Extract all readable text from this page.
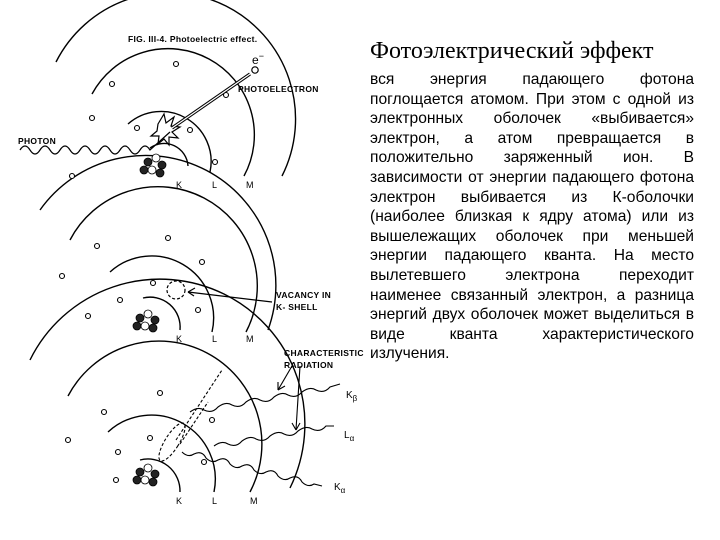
FIG. III-4. Photoelectric effect.
e−
PHOTOELECTRON
PHOTON
K	L	M
VACANCY IN
K- SHELL
K	L	M
CHARACTERISTIC
RADIATION
$K_\beta$
$L_\alpha$
$K_\alpha$
K	L	M
Фотоэлектрический эффект

вся энергия падающего фотона поглощается атомом. При этом с одной из электронных оболочек «выбивается» электрон, а атом превращается в положительно заряженный ион. В зависимости от энергии падающего фотона электрон выбивается из К-оболочки (наиболее близкая к ядру атома) или из вышележащих оболочек при меньшей энергии падающего кванта. На место вылетевшего электрона переходит наименее связанный электрон, а разница энергий двух оболочек может выделиться в виде кванта характеристического излучения.
